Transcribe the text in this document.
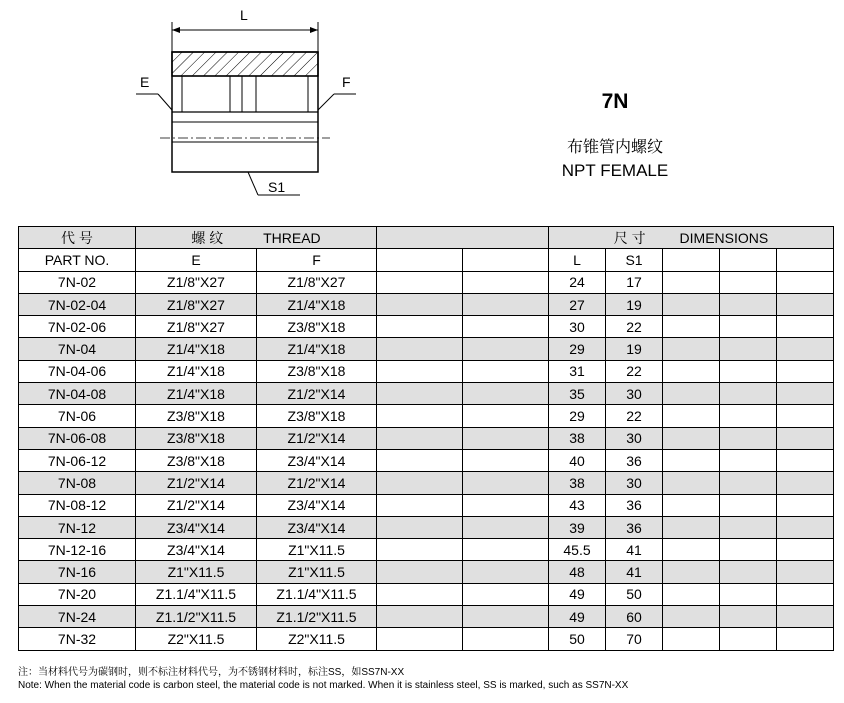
L
E	F
S1
7N
布锥管内螺纹
NPT FEMALE
代 号	螺 纹 THREAD				尺 寸 DIMENSIONS				
PART NO.	E	F			L	S1			
7N-02	Z1/8"X27	Z1/8"X27			24	17			
7N-02-04	Z1/8"X27	Z1/4"X18			27	19			
7N-02-06	Z1/8"X27	Z3/8"X18			30	22			
7N-04	Z1/4"X18	Z1/4"X18			29	19			
7N-04-06	Z1/4"X18	Z3/8"X18			31	22			
7N-04-08	Z1/4"X18	Z1/2"X14			35	30			
7N-06	Z3/8"X18	Z3/8"X18			29	22			
7N-06-08	Z3/8"X18	Z1/2"X14			38	30			
7N-06-12	Z3/8"X18	Z3/4"X14			40	36			
7N-08	Z1/2"X14	Z1/2"X14			38	30			
7N-08-12	Z1/2"X14	Z3/4"X14			43	36			
7N-12	Z3/4"X14	Z3/4"X14			39	36			
7N-12-16	Z3/4"X14	Z1"X11.5			45.5	41			
7N-16	Z1"X11.5	Z1"X11.5			48	41			
7N-20	Z1.1/4"X11.5	Z1.1/4"X11.5			49	50			
7N-24	Z1.1/2"X11.5	Z1.1/2"X11.5			49	60			
7N-32	Z2"X11.5	Z2"X11.5			50	70			
注：当材料代号为碳钢时，则不标注材料代号，为不锈钢材料时，标注SS，如SS7N-XX
Note: When the material code is carbon steel, the material code is not marked. When it is stainless steel, SS is marked, such as SS7N-XX
